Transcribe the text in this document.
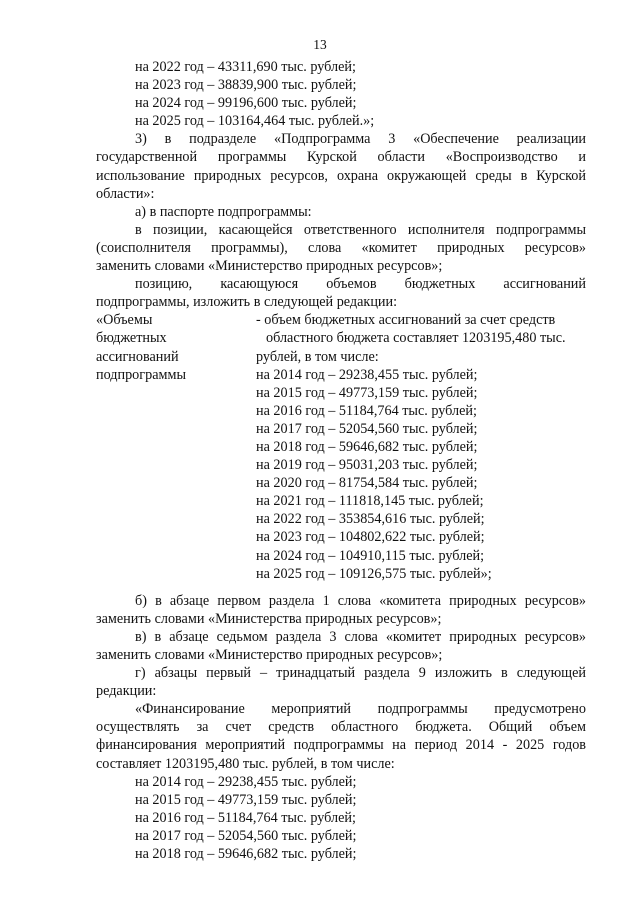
13
на 2022 год – 43311,690 тыс. рублей;
на 2023 год – 38839,900 тыс. рублей;
на 2024 год – 99196,600 тыс. рублей;
на 2025 год – 103164,464 тыс. рублей.»;
3) в подразделе «Подпрограмма 3 «Обеспечение реализации
государственной программы Курской области «Воспроизводство и
использование природных ресурсов, охрана окружающей среды в Курской
области»:
а) в паспорте подпрограммы:
в позиции, касающейся ответственного исполнителя подпрограммы
(соисполнителя программы), слова «комитет природных ресурсов»
заменить словами «Министерство природных ресурсов»;
позицию, касающуюся объемов бюджетных ассигнований
подпрограммы, изложить в следующей редакции:
«Объемы
бюджетных
ассигнований
подпрограммы
- объем бюджетных ассигнований за счет средств
областного бюджета составляет 1203195,480 тыс.
рублей, в том числе:
на 2014 год – 29238,455 тыс. рублей;
на 2015 год – 49773,159 тыс. рублей;
на 2016 год – 51184,764 тыс. рублей;
на 2017 год – 52054,560 тыс. рублей;
на 2018 год – 59646,682 тыс. рублей;
на 2019 год – 95031,203 тыс. рублей;
на 2020 год – 81754,584 тыс. рублей;
на 2021 год – 111818,145 тыс. рублей;
на 2022 год – 353854,616 тыс. рублей;
на 2023 год – 104802,622 тыс. рублей;
на 2024 год – 104910,115 тыс. рублей;
на 2025 год – 109126,575 тыс. рублей»;
б) в абзаце первом раздела 1 слова «комитета природных ресурсов»
заменить словами «Министерства природных ресурсов»;
в) в абзаце седьмом раздела 3 слова «комитет природных ресурсов»
заменить словами «Министерство природных ресурсов»;
г) абзацы первый – тринадцатый раздела 9 изложить в следующей
редакции:
«Финансирование мероприятий подпрограммы предусмотрено
осуществлять за счет средств областного бюджета. Общий объем
финансирования мероприятий подпрограммы на период 2014 - 2025 годов
составляет 1203195,480 тыс. рублей, в том числе:
на 2014 год – 29238,455 тыс. рублей;
на 2015 год – 49773,159 тыс. рублей;
на 2016 год – 51184,764 тыс. рублей;
на 2017 год – 52054,560 тыс. рублей;
на 2018 год – 59646,682 тыс. рублей;
